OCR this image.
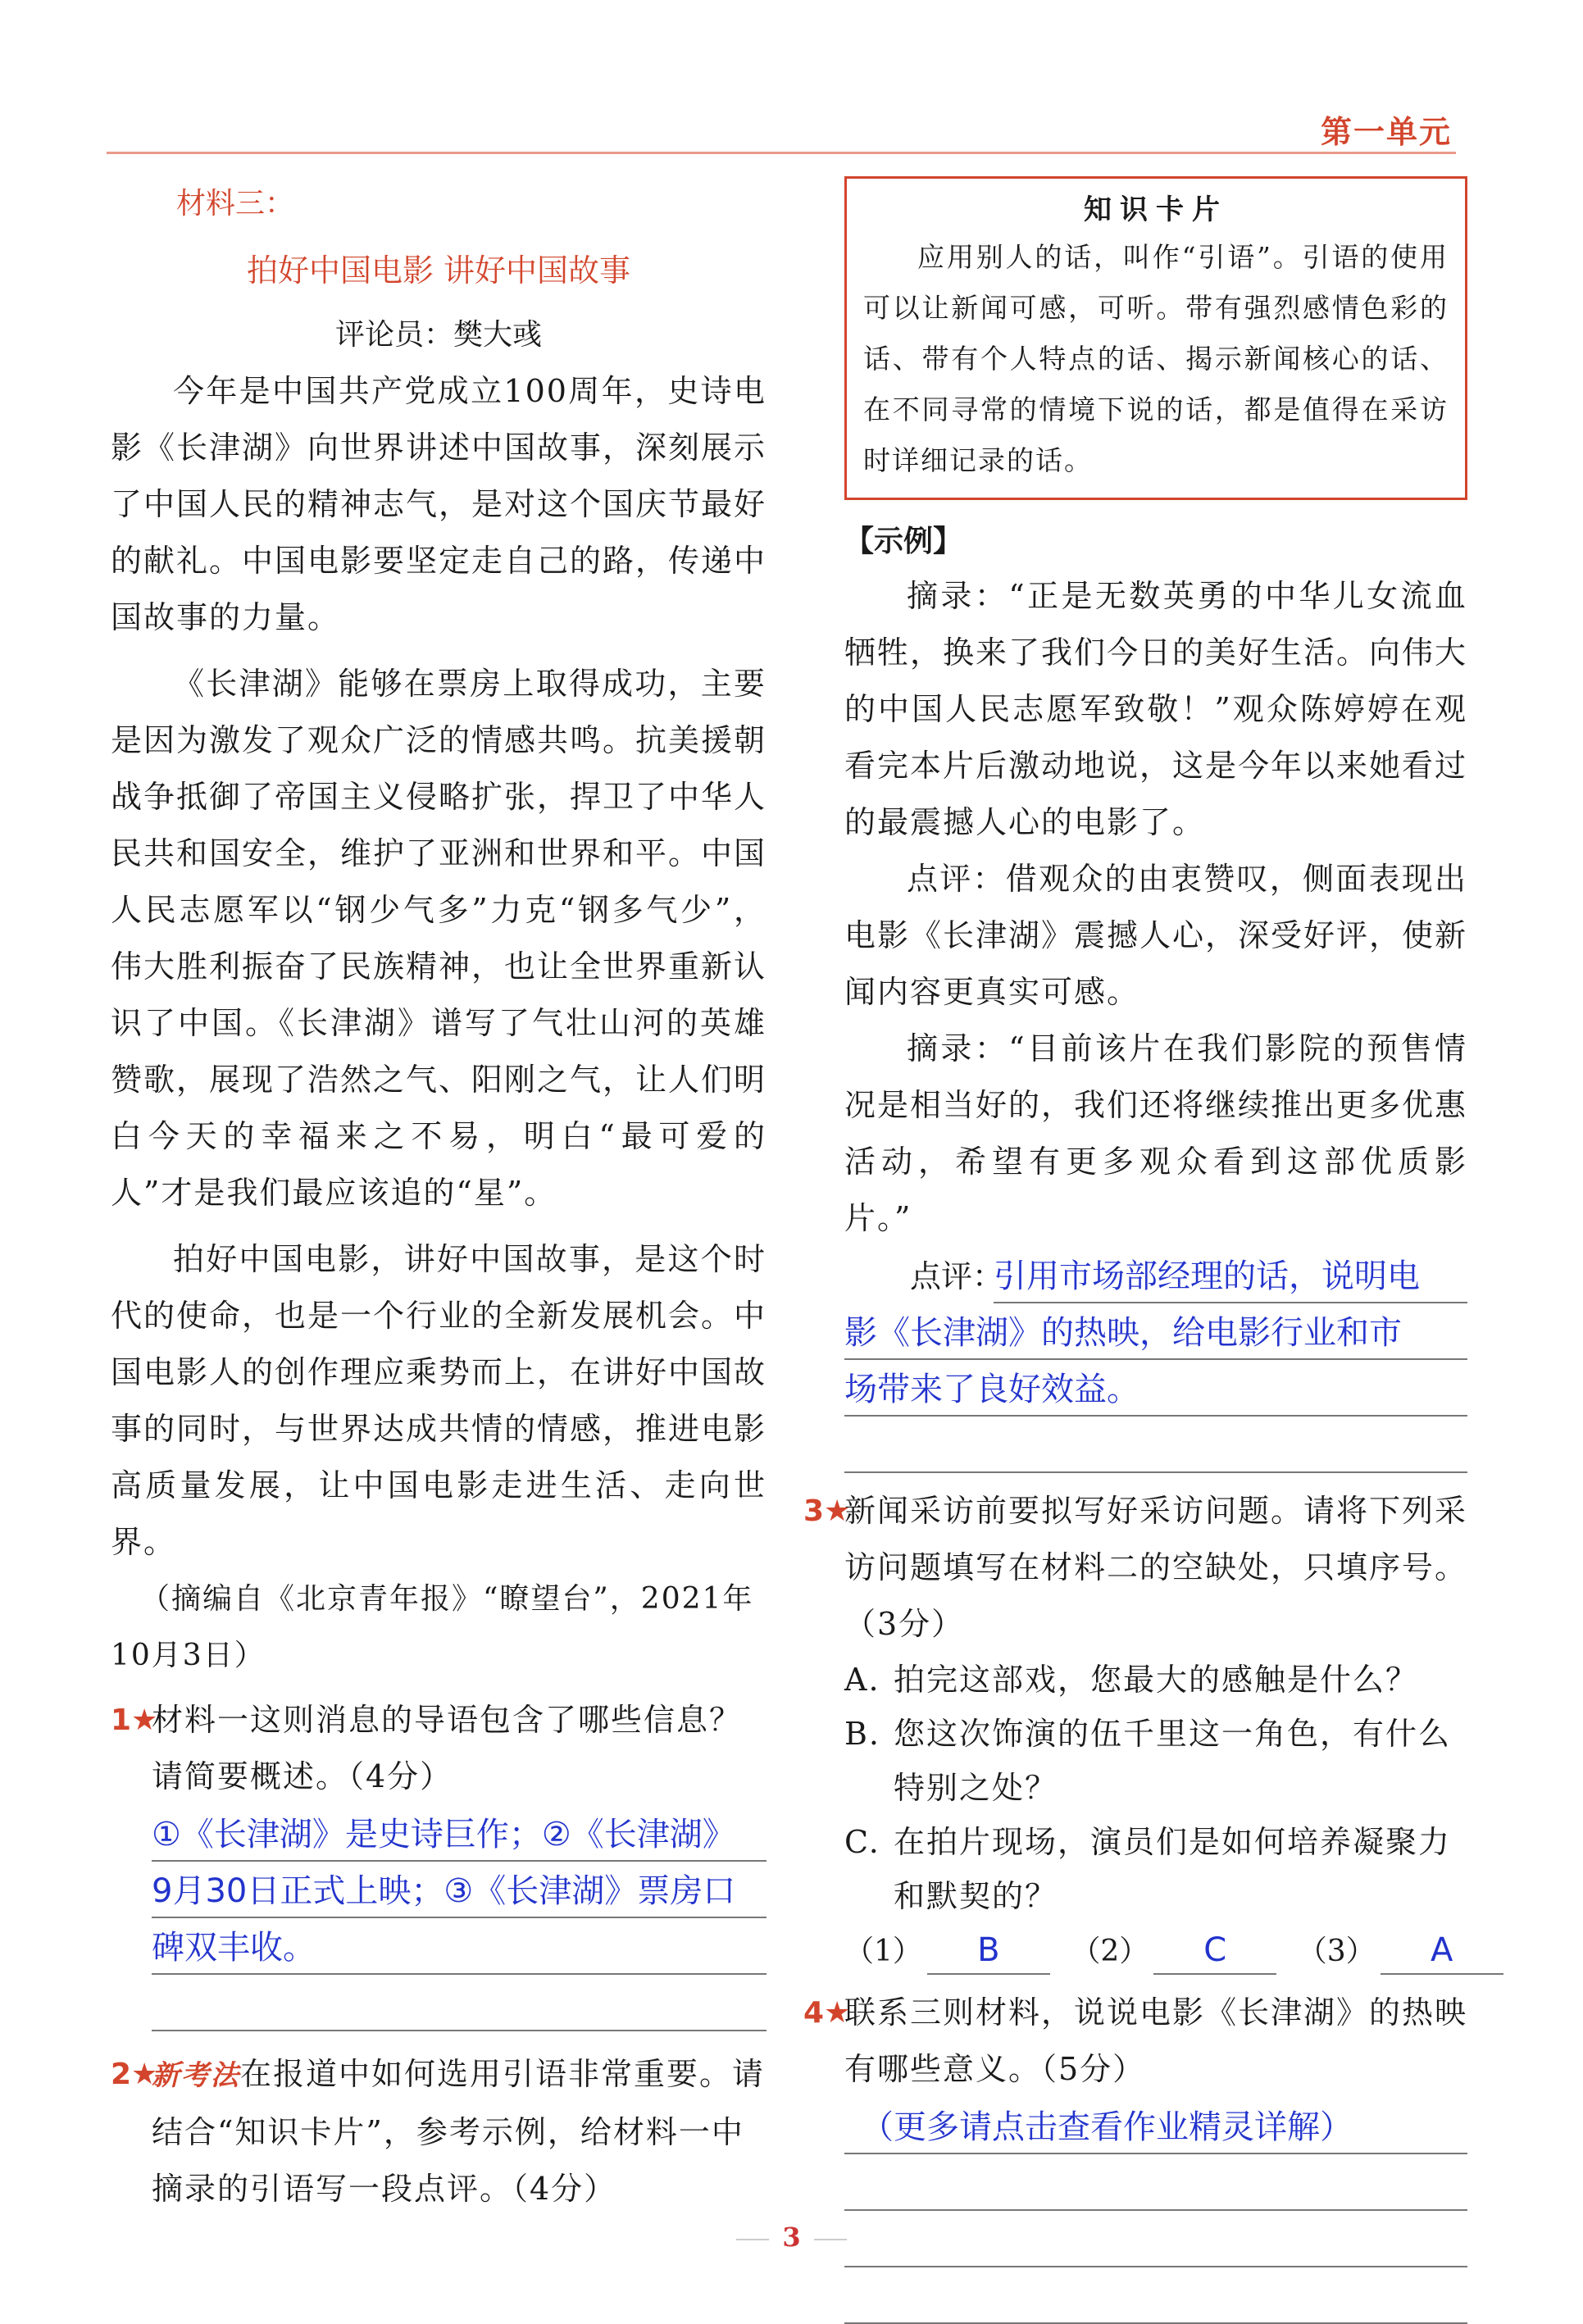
第一单元
材料三：
拍好中国电影 讲好中国故事
评论员：樊大彧

今年是中国共产党成立100周年，史诗电影《长津湖》向世界讲述中国故事，深刻展示了中国人民的精神志气，是对这个国庆节最好的献礼。中国电影要坚定走自己的路，传递中国故事的力量。

《长津湖》能够在票房上取得成功，主要是因为激发了观众广泛的情感共鸣。抗美援朝战争抵御了帝国主义侵略扩张，捍卫了中华人民共和国安全，维护了亚洲和世界和平。中国人民志愿军以“钢少气多”力克“钢多气少”，伟大胜利振奋了民族精神，也让全世界重新认识了中国。《长津湖》谱写了气壮山河的英雄赞歌，展现了浩然之气、阳刚之气，让人们明白今天的幸福来之不易，明白“最可爱的人”才是我们最应该追的“星”。

拍好中国电影，讲好中国故事，是这个时代的使命，也是一个行业的全新发展机会。中国电影人的创作理应乘势而上，在讲好中国故事的同时，与世界达成共情的情感，推进电影高质量发展，让中国电影走进生活、走向世界。

（摘编自《北京青年报》“瞭望台”，2021年10月3日）

1★
材料一这则消息的导语包含了哪些信息？请简要概述。（4分）
①《长津湖》是史诗巨作；②《长津湖》
9月30日正式上映；③《长津湖》票房口
碑双丰收。
2★
新考法在报道中如何选用引语非常重要。请结合“知识卡片”，参考示例，给材料一中摘录的引语写一段点评。（4分）
知识卡片

应用别人的话，叫作“引语”。引语的使用可以让新闻可感，可听。带有强烈感情色彩的话、带有个人特点的话、揭示新闻核心的话、在不同寻常的情境下说的话，都是值得在采访时详细记录的话。

【示例】

摘录：“正是无数英勇的中华儿女流血牺牲，换来了我们今日的美好生活。向伟大的中国人民志愿军致敬！”观众陈婷婷在观看完本片后激动地说，这是今年以来她看过的最震撼人心的电影了。

点评：借观众的由衷赞叹，侧面表现出电影《长津湖》震撼人心，深受好评，使新闻内容更真实可感。

摘录：“目前该片在我们影院的预售情况是相当好的，我们还将继续推出更多优惠活动，希望有更多观众看到这部优质影片。”

点评：
引用市场部经理的话，说明电
影《长津湖》的热映，给电影行业和市
场带来了良好效益。
3★
新闻采访前要拟写好采访问题。请将下列采访问题填写在材料二的空缺处，只填序号。（3分）
A. 拍完这部戏，您最大的感触是什么？
B. 您这次饰演的伍千里这一角色，有什么
特别之处？
C. 在拍片现场，演员们是如何培养凝聚力
和默契的？
（1） B （2） C （3） A
4★
联系三则材料，说说电影《长津湖》的热映有哪些意义。（5分）
（更多请点击查看作业精灵详解）
3
